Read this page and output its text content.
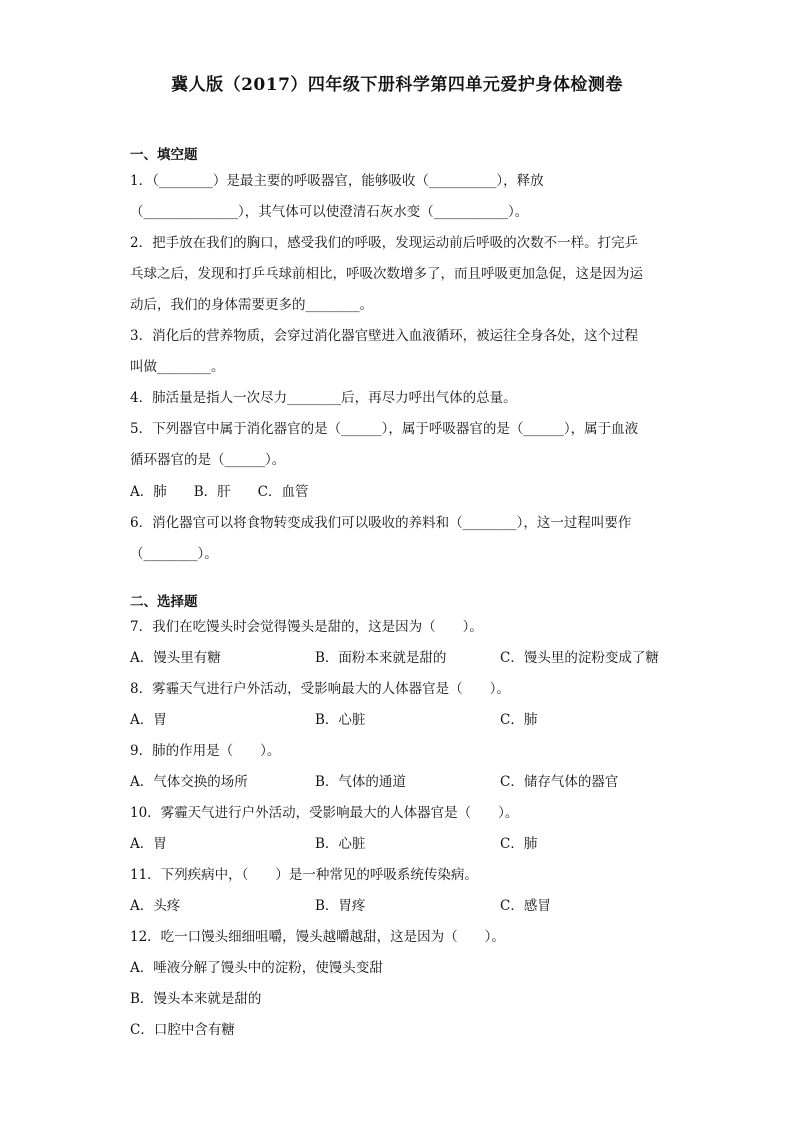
冀人版（2017）四年级下册科学第四单元爱护身体检测卷
一、填空题
1．（________）是最主要的呼吸器官，能够吸收（__________），释放
（______________），其气体可以使澄清石灰水变（___________）。
2．把手放在我们的胸口，感受我们的呼吸，发现运动前后呼吸的次数不一样。打完乒
乓球之后，发现和打乒乓球前相比，呼吸次数增多了，而且呼吸更加急促，这是因为运
动后，我们的身体需要更多的________。
3．消化后的营养物质，会穿过消化器官壁进入血液循环，被运往全身各处，这个过程
叫做________。
4．肺活量是指人一次尽力________后，再尽力呼出气体的总量。
5．下列器官中属于消化器官的是（______），属于呼吸器官的是（______），属于血液
循环器官的是（______）。
A．肺　　B．肝　　C．血管
6．消化器官可以将食物转变成我们可以吸收的养料和（________），这一过程叫要作
（________）。
二、选择题
7．我们在吃馒头时会觉得馒头是甜的，这是因为（　　）。
A．馒头里有糖	B．面粉本来就是甜的	C．馒头里的淀粉变成了糖
8．雾霾天气进行户外活动，受影响最大的人体器官是（　　）。
A．胃	B．心脏	C．肺
9．肺的作用是（　　）。
A．气体交换的场所	B．气体的通道	C．储存气体的器官
10．雾霾天气进行户外活动，受影响最大的人体器官是（　　）。
A．胃	B．心脏	C．肺
11．下列疾病中，（　　）是一种常见的呼吸系统传染病。
A．头疼	B．胃疼	C．感冒
12．吃一口馒头细细咀嚼，馒头越嚼越甜，这是因为（　　）。
A．唾液分解了馒头中的淀粉，使馒头变甜
B．馒头本来就是甜的
C．口腔中含有糖
